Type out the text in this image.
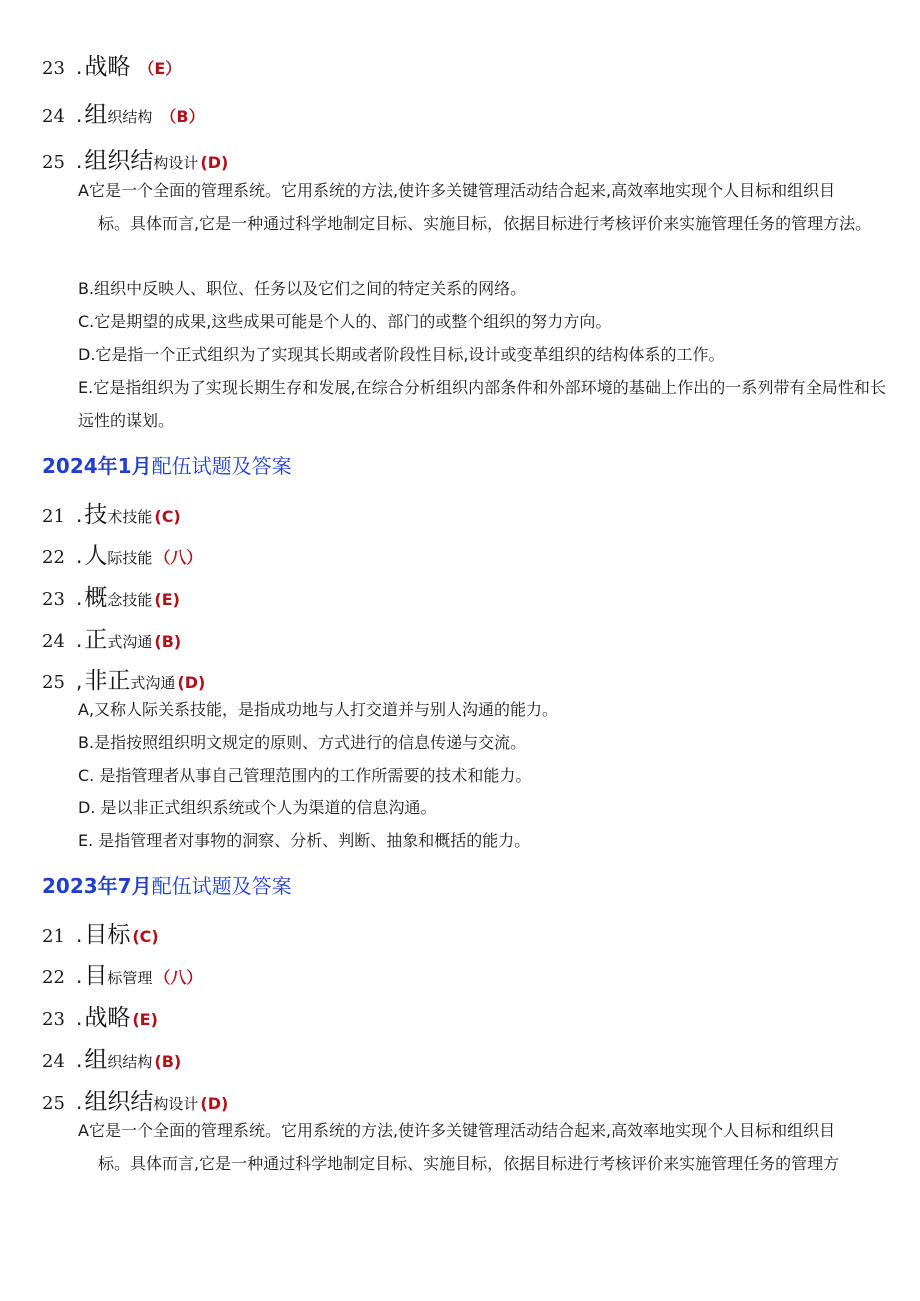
23 . 战略 （E）
24 . 组 织结构 （B）
25 . 组织结 构设计 (D)
A它是一个全面的管理系统。它用系统的方法,使许多关键管理活动结合起来,高效率地实现个人目标和组织目
标。具体而言,它是一种通过科学地制定目标、实施目标，依据目标进行考核评价来实施管理任务的管理方法。
B.组织中反映人、职位、任务以及它们之间的特定关系的网络。
C.它是期望的成果,这些成果可能是个人的、部门的或整个组织的努力方向。
D.它是指一个正式组织为了实现其长期或者阶段性目标,设计或变革组织的结构体系的工作。
E.它是指组织为了实现长期生存和发展,在综合分析组织内部条件和外部环境的基础上作出的一系列带有全局性和长远性的谋划。
2024年1月配伍试题及答案
21 . 技 术技能 (C)
22 . 人 际技能 （八）
23 . 概 念技能 (E)
24 . 正 式沟通 (B)
25 , 非正 式沟通 (D)
A,又称人际关系技能，是指成功地与人打交道并与别人沟通的能力。
B.是指按照组织明文规定的原则、方式进行的信息传递与交流。
C. 是指管理者从事自己管理范围内的工作所需要的技术和能力。
D. 是以非正式组织系统或个人为渠道的信息沟通。
E. 是指管理者对事物的洞察、分析、判断、抽象和概括的能力。
2023年7月配伍试题及答案
21 . 目标 (C)
22 . 目 标管理 （八）
23 . 战略 (E)
24 . 组 织结构 (B)
25 . 组织结 构设计 (D)
A它是一个全面的管理系统。它用系统的方法,使许多关键管理活动结合起来,高效率地实现个人目标和组织目
标。具体而言,它是一种通过科学地制定目标、实施目标，依据目标进行考核评价来实施管理任务的管理方
